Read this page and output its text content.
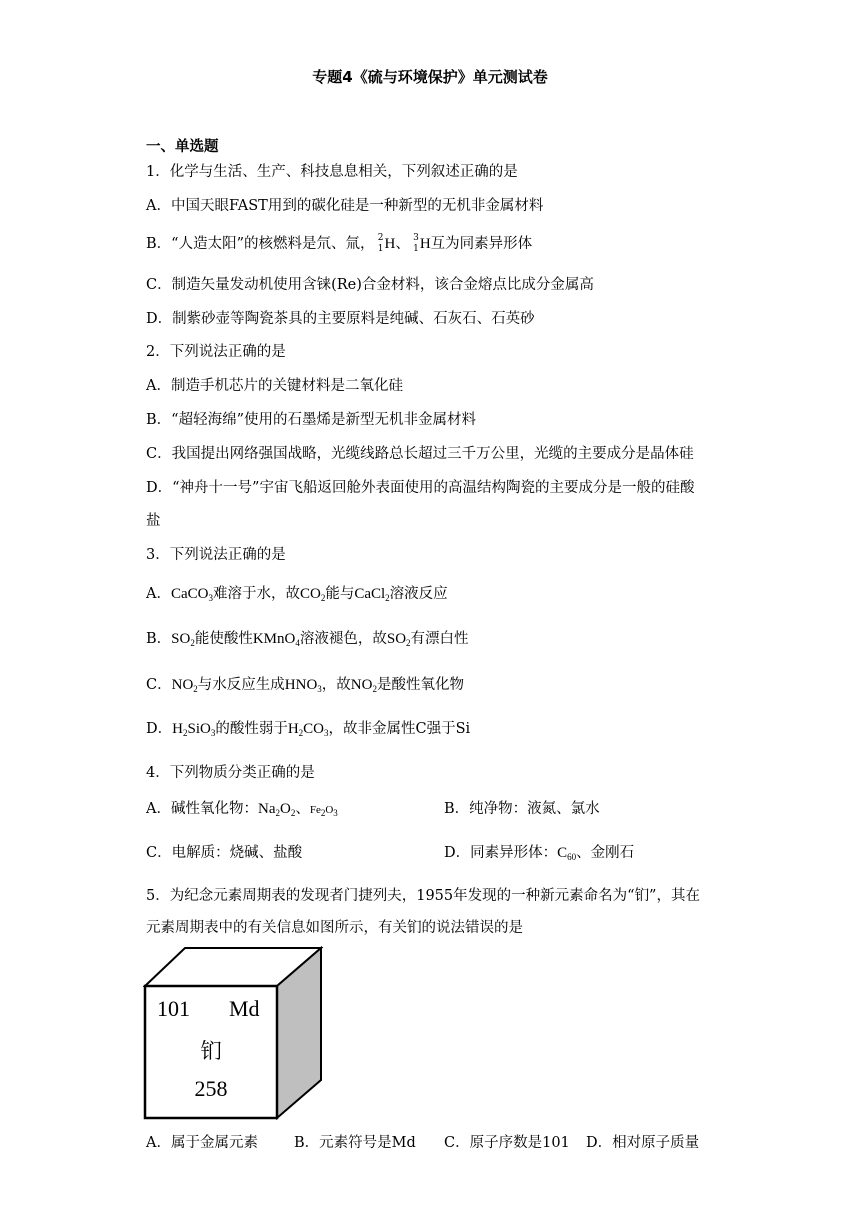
专题4《硫与环境保护》单元测试卷
一、单选题
1．化学与生活、生产、科技息息相关，下列叙述正确的是
A．中国天眼FAST用到的碳化硅是一种新型的无机非金属材料
B．“人造太阳”的核燃料是氘、氚， 2
1 H、 3
1 H互为同素异形体
C．制造矢量发动机使用含铼(Re)合金材料，该合金熔点比成分金属高
D．制紫砂壶等陶瓷茶具的主要原料是纯碱、石灰石、石英砂
2．下列说法正确的是
A．制造手机芯片的关键材料是二氧化硅
B．“超轻海绵”使用的石墨烯是新型无机非金属材料
C．我国提出网络强国战略，光缆线路总长超过三千万公里，光缆的主要成分是晶体硅
D．“神舟十一号”宇宙飞船返回舱外表面使用的高温结构陶瓷的主要成分是一般的硅酸
盐
3．下列说法正确的是
A．CaCO$_3$难溶于水，故$CO_2$能与CaCl$_2$溶液反应
B．$SO_2$能使酸性KMnO$_4$溶液褪色，故$SO_2$有漂白性
C．$NO_2$与水反应生成$HNO_3$，故$NO_2$是酸性氧化物
D．$H_2SiO_3$的酸性弱于$H_2CO_3$，故非金属性C强于Si
4．下列物质分类正确的是
A．碱性氧化物：$Na_2O_2$、$Fe_2O_3$	B．纯净物：液氮、氯水
C．电解质：烧碱、盐酸	D．同素异形体：$C_{60}$、金刚石
5．为纪念元素周期表的发现者门捷列夫，1955年发现的一种新元素命名为“钔”，其在
元素周期表中的有关信息如图所示，有关钔的说法错误的是
101 Md
钔
258
A．属于金属元素 B．元素符号是Md C．原子序数是101 D．相对原子质量
